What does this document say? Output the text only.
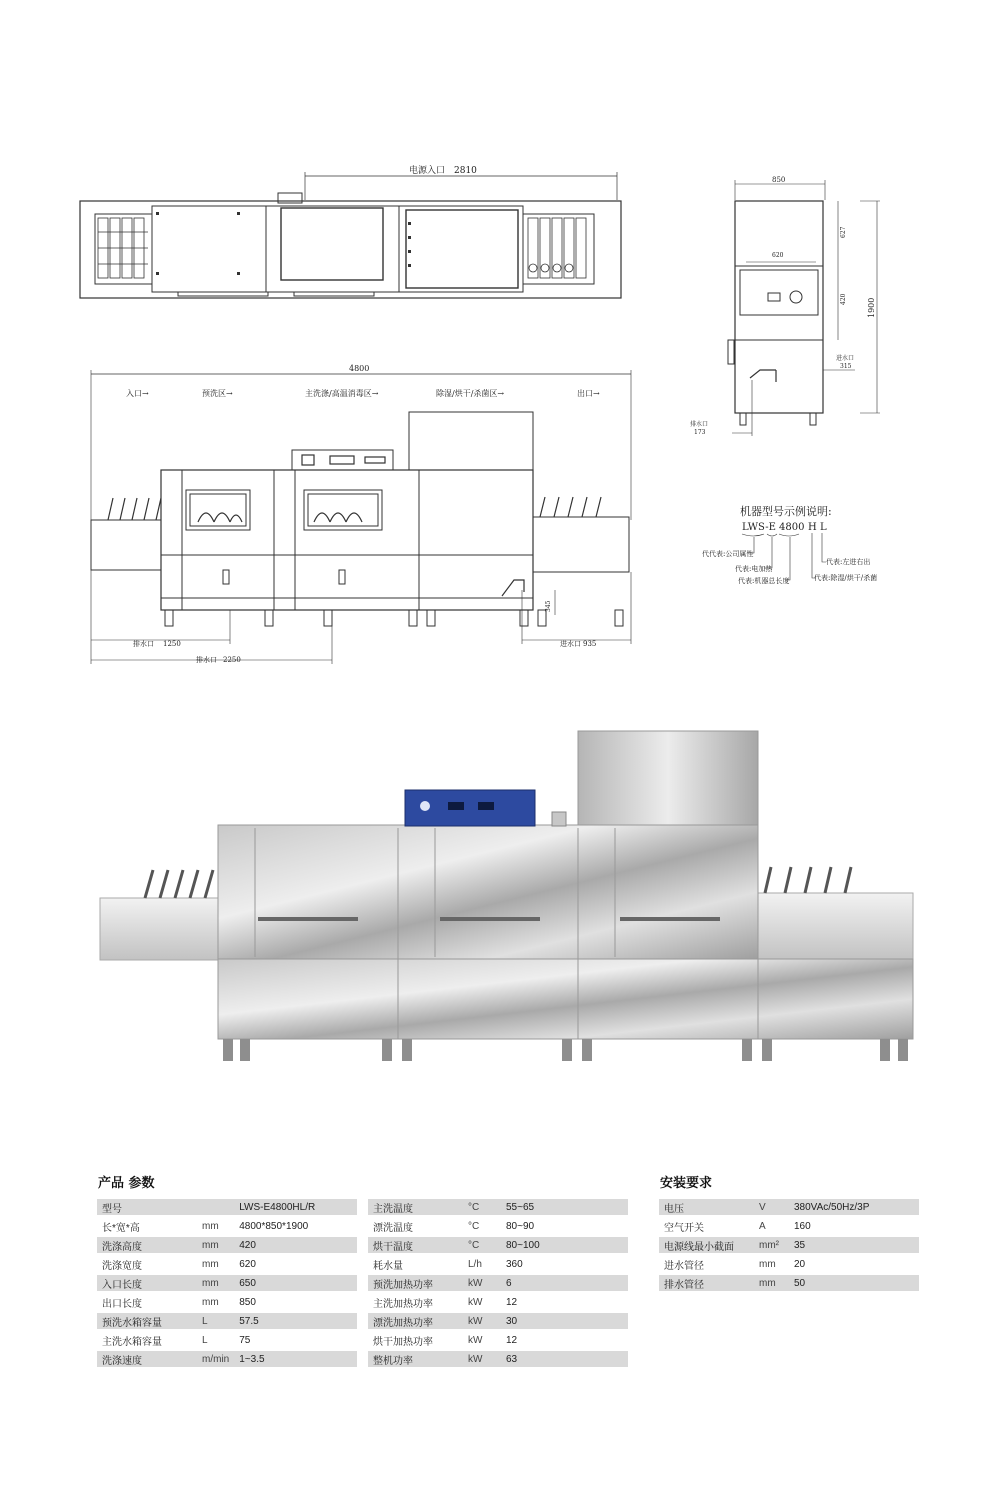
电源入口 2810
入口→	预洗区→	主洗涤/高温消毒区→	除湿/烘干/杀菌区→	出口→
4800
排水口 1250
排水口 2250
进水口 935
345
850
620
1900
627
420
进水口
315
排水口
173
机器型号示例说明:
LWS-E 4800 H L
代代表:公司属性
代表:电加热
代表:机器总长度
代表:左进右出
代表:除湿/烘干/杀菌
产品 参数	安装要求
型号		LWS-E4800HL/R
长*宽*高	mm	4800*850*1900
洗涤高度	mm	420
洗涤宽度	mm	620
入口长度	mm	650
出口长度	mm	850
预洗水箱容量	L	57.5
主洗水箱容量	L	75
洗涤速度	m/min	1~3.5
主洗温度	°C	55~65
漂洗温度	°C	80~90
烘干温度	°C	80~100
耗水量	L/h	360
预洗加热功率	kW	6
主洗加热功率	kW	12
漂洗加热功率	kW	30
烘干加热功率	kW	12
整机功率	kW	63
电压	V	380VAc/50Hz/3P
空气开关	A	160
电源线最小截面	mm²	35
进水管径	mm	20
排水管径	mm	50
